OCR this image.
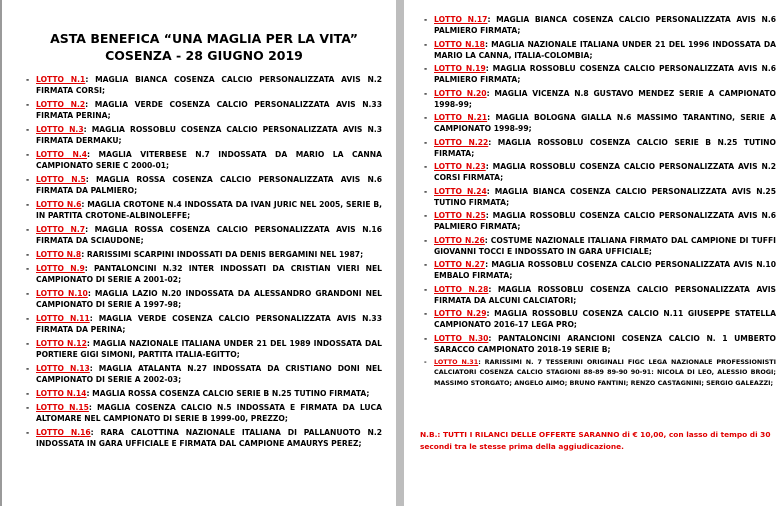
ASTA BENEFICA “UNA MAGLIA PER LA VITA”

COSENZA - 28 GIUGNO 2019

- LOTTO N.1: MAGLIA BIANCA COSENZA CALCIO PERSONALIZZATA AVIS N.2 FIRMATA CORSI;
- LOTTO N.2: MAGLIA VERDE COSENZA CALCIO PERSONALIZZATA AVIS N.33 FIRMATA PERINA;
- LOTTO N.3: MAGLIA ROSSOBLU COSENZA CALCIO PERSONALIZZATA AVIS N.3 FIRMATA DERMAKU;
- LOTTO N.4: MAGLIA VITERBESE N.7 INDOSSATA DA MARIO LA CANNA CAMPIONATO SERIE C 2000-01;
- LOTTO N.5: MAGLIA ROSSA COSENZA CALCIO PERSONALIZZATA AVIS N.6 FIRMATA DA PALMIERO;
- LOTTO N.6: MAGLIA CROTONE N.4 INDOSSATA DA IVAN JURIC NEL 2005, SERIE B, IN PARTITA CROTONE-ALBINOLEFFE;
- LOTTO N.7: MAGLIA ROSSA COSENZA CALCIO PERSONALIZZATA AVIS N.16 FIRMATA DA SCIAUDONE;
- LOTTO N.8: RARISSIMI SCARPINI INDOSSATI DA DENIS BERGAMINI NEL 1987;
- LOTTO N.9: PANTALONCINI N.32 INTER INDOSSATI DA CRISTIAN VIERI NEL CAMPIONATO DI SERIE A 2001-02;
- LOTTO N.10: MAGLIA LAZIO N.20 INDOSSATA DA ALESSANDRO GRANDONI NEL CAMPIONATO DI SERIE A 1997-98;
- LOTTO N.11: MAGLIA VERDE COSENZA CALCIO PERSONALIZZATA AVIS N.33 FIRMATA DA PERINA;
- LOTTO N.12: MAGLIA NAZIONALE ITALIANA UNDER 21 DEL 1989 INDOSSATA DAL PORTIERE GIGI SIMONI, PARTITA ITALIA-EGITTO;
- LOTTO N.13: MAGLIA ATALANTA N.27 INDOSSATA DA CRISTIANO DONI NEL CAMPIONATO DI SERIE A 2002-03;
- LOTTO N.14: MAGLIA ROSSA COSENZA CALCIO SERIE B N.25 TUTINO FIRMATA;
- LOTTO N.15: MAGLIA COSENZA CALCIO N.5 INDOSSATA E FIRMATA DA LUCA ALTOMARE NEL CAMPIONATO DI SERIE B 1999-00, PREZZO;
- LOTTO N.16: RARA CALOTTINA NAZIONALE ITALIANA DI PALLANUOTO N.2 INDOSSATA IN GARA UFFICIALE E FIRMATA DAL CAMPIONE AMAURYS PEREZ;
- LOTTO N.17: MAGLIA BIANCA COSENZA CALCIO PERSONALIZZATA AVIS N.6 PALMIERO FIRMATA;
- LOTTO N.18: MAGLIA NAZIONALE ITALIANA UNDER 21 DEL 1996 INDOSSATA DA MARIO LA CANNA, ITALIA-COLOMBIA;
- LOTTO N.19: MAGLIA ROSSOBLU COSENZA CALCIO PERSONALIZZATA AVIS N.6 PALMIERO FIRMATA;
- LOTTO N.20: MAGLIA VICENZA N.8 GUSTAVO MENDEZ SERIE A CAMPIONATO 1998-99;
- LOTTO N.21: MAGLIA BOLOGNA GIALLA N.6 MASSIMO TARANTINO, SERIE A CAMPIONATO 1998-99;
- LOTTO N.22: MAGLIA ROSSOBLU COSENZA CALCIO SERIE B N.25 TUTINO FIRMATA;
- LOTTO N.23: MAGLIA ROSSOBLU COSENZA CALCIO PERSONALIZZATA AVIS N.2 CORSI FIRMATA;
- LOTTO N.24: MAGLIA BIANCA COSENZA CALCIO PERSONALIZZATA AVIS N.25 TUTINO FIRMATA;
- LOTTO N.25: MAGLIA ROSSOBLU COSENZA CALCIO PERSONALIZZATA AVIS N.6 PALMIERO FIRMATA;
- LOTTO N.26: COSTUME NAZIONALE ITALIANA FIRMATO DAL CAMPIONE DI TUFFI GIOVANNI TOCCI E INDOSSATO IN GARA UFFICIALE;
- LOTTO N.27: MAGLIA ROSSOBLU COSENZA CALCIO PERSONALIZZATA AVIS N.10 EMBALO FIRMATA;
- LOTTO N.28: MAGLIA ROSSOBLU COSENZA CALCIO PERSONALIZZATA AVIS FIRMATA DA ALCUNI CALCIATORI;
- LOTTO N.29: MAGLIA ROSSOBLU COSENZA CALCIO N.11 GIUSEPPE STATELLA CAMPIONATO 2016-17 LEGA PRO;
- LOTTO N.30: PANTALONCINI ARANCIONI COSENZA CALCIO N. 1 UMBERTO SARACCO CAMPIONATO 2018-19 SERIE B;
- LOTTO N.31: RARISSIMI N. 7 TESSERINI ORIGINALI FIGC LEGA NAZIONALE PROFESSIONISTI CALCIATORI COSENZA CALCIO STAGIONI 88-89 89-90 90-91: NICOLA DI LEO, ALESSIO BROGI; MASSIMO STORGATO; ANGELO AIMO; BRUNO FANTINI; RENZO CASTAGNINI; SERGIO GALEAZZI;
N.B.: TUTTI I RILANCI DELLE OFFERTE SARANNO di € 10,00, con lasso di tempo di 30 secondi tra le stesse prima della aggiudicazione.
